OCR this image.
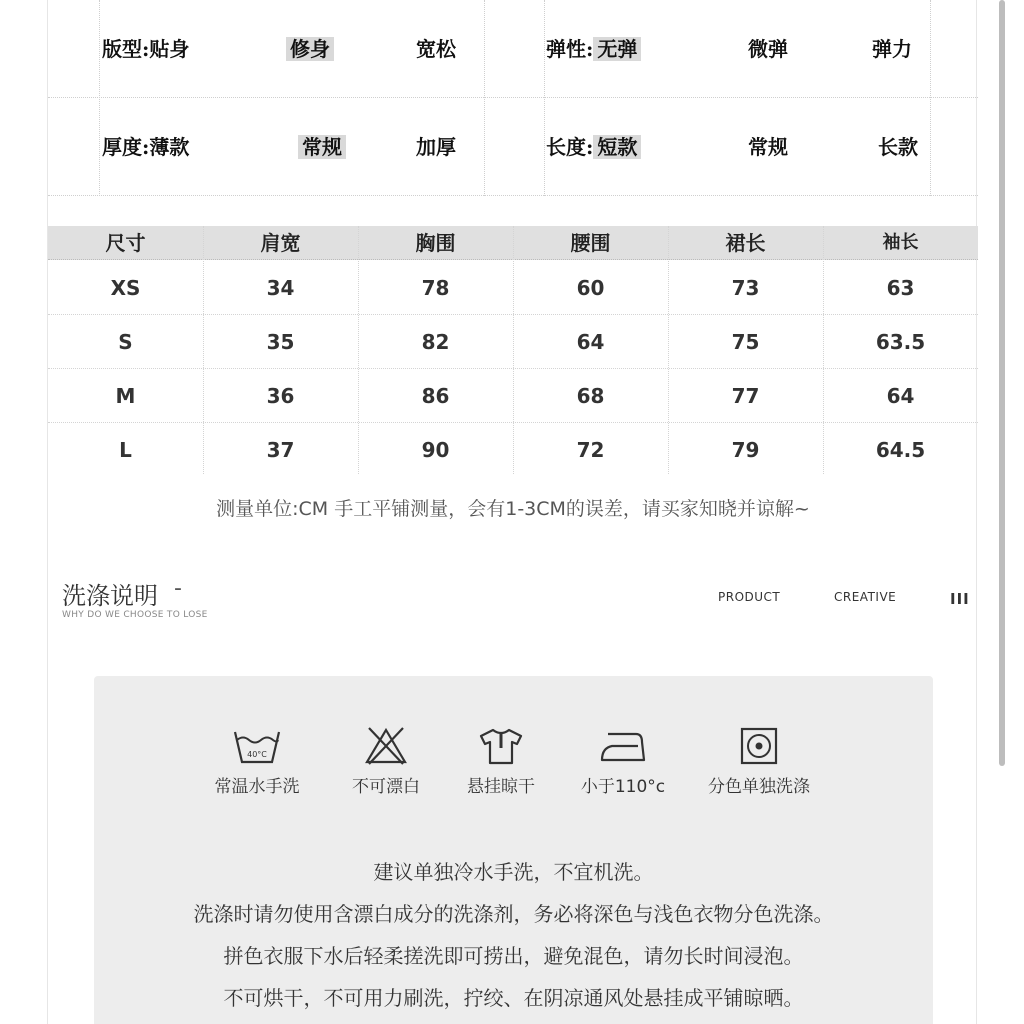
版型:贴身	修身	宽松	弹性: 无弹	微弹	弹力
厚度:薄款	常规	加厚	长度: 短款	常规	长款
尺寸	肩宽	胸围	腰围	裙长	袖长
XS	34	78	60	73	63
S	35	82	64	75	63.5
M	36	86	68	77	64
L	37	90	72	79	64.5
测量单位:CM 手工平铺测量，会有1-3CM的误差，请买家知晓并谅解~
洗涤说明 -
WHY DO WE CHOOSE TO LOSE
PRODUCT	CREATIVE	III
40°C
常温水手洗	不可漂白	悬挂晾干	小于110°c	分色单独洗涤
建议单独冷水手洗，不宜机洗。
洗涤时请勿使用含漂白成分的洗涤剂，务必将深色与浅色衣物分色洗涤。
拼色衣服下水后轻柔搓洗即可捞出，避免混色，请勿长时间浸泡。
不可烘干，不可用力刷洗，拧绞、在阴凉通风处悬挂成平铺晾晒。
